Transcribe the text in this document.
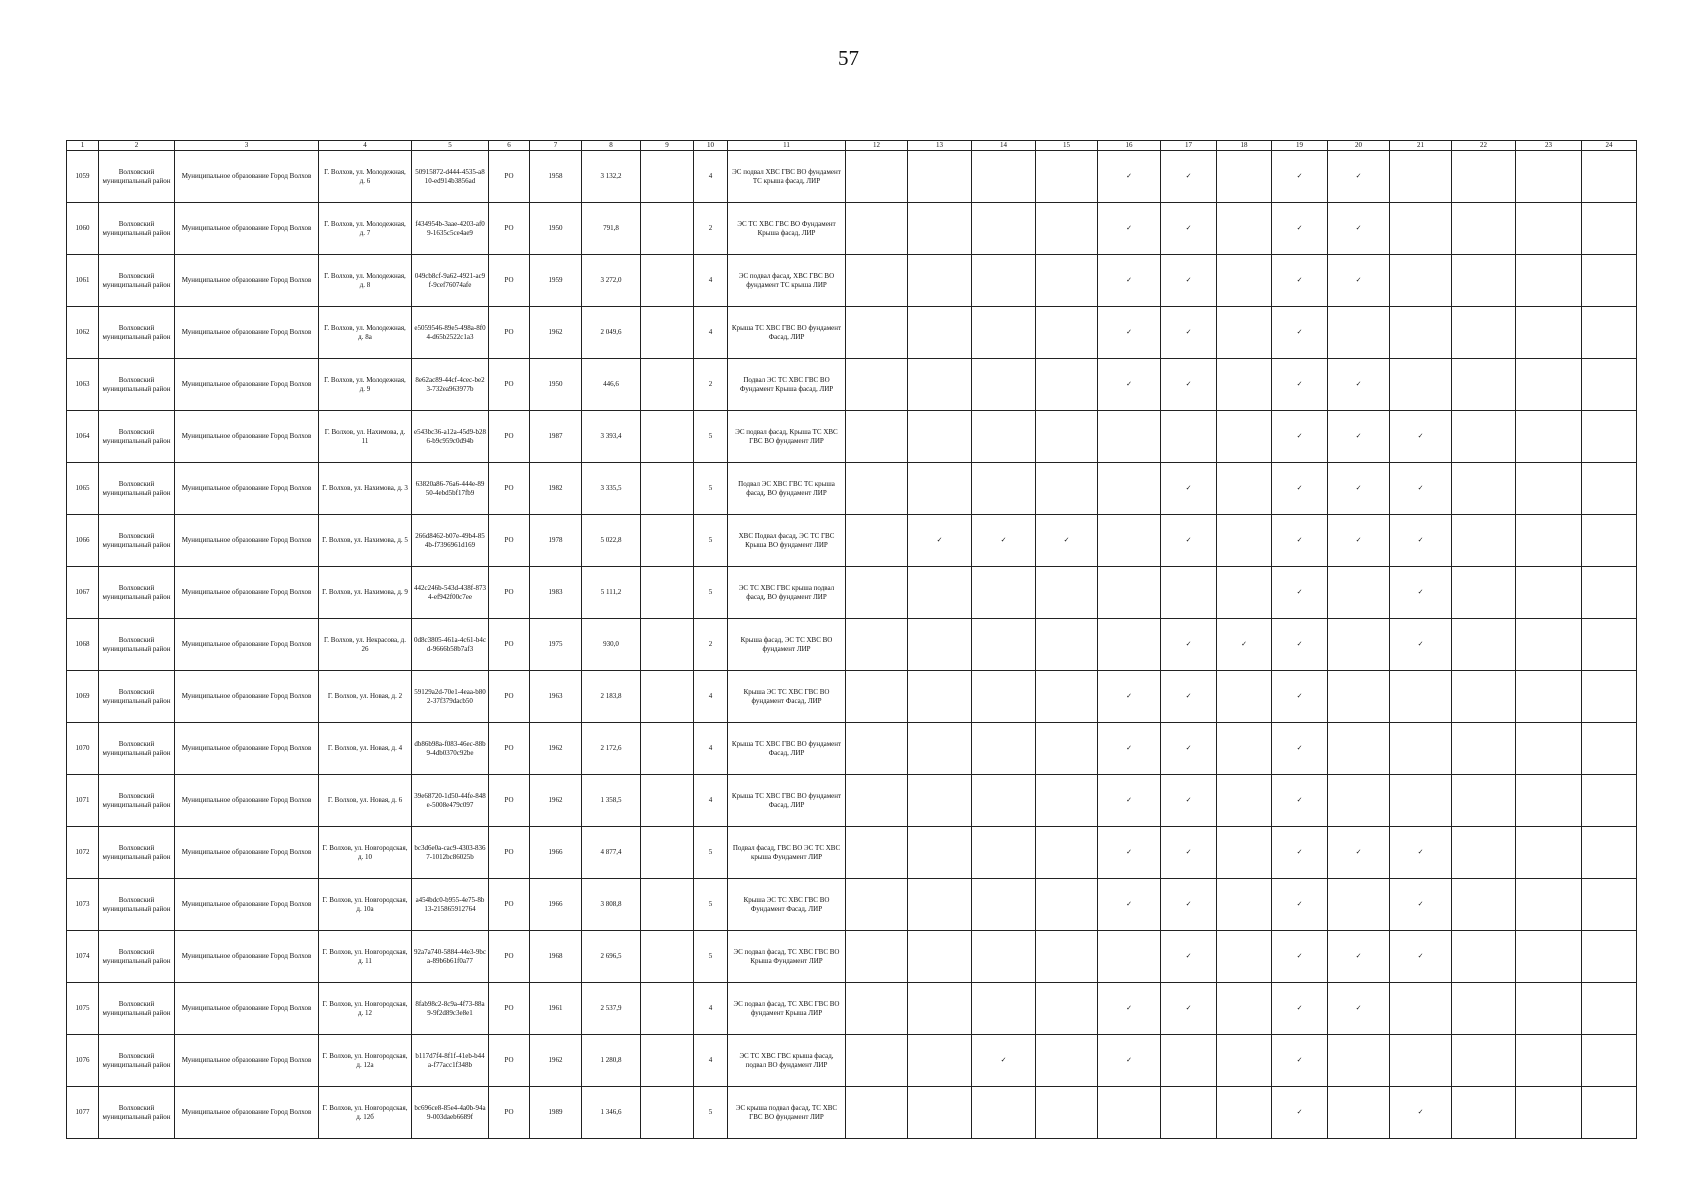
57
1	2	3	4	5	6	7	8	9	10	11	12	13	14	15	16	17	18	19	20	21	22	23	24
1059	Волховский муниципальный район	Муниципальное образование Город Волхов	Г. Волхов, ул. Молодежная, д. 6	50915872-d444-4535-a810-ed914b3856ad	РО	1958	3 132,2		4	ЭС подвал ХВС ГВС ВО фундамент ТС крыша фасад, ЛИР					✓	✓		✓	✓				
1060	Волховский муниципальный район	Муниципальное образование Город Волхов	Г. Волхов, ул. Молодежная, д. 7	f434954b-3aae-4203-af09-1635c5ce4ae9	РО	1950	791,8		2	ЭС ТС ХВС ГВС ВО Фундамент Крыша фасад, ЛИР					✓	✓		✓	✓				
1061	Волховский муниципальный район	Муниципальное образование Город Волхов	Г. Волхов, ул. Молодежная, д. 8	049cb8cf-9a62-4921-ac9f-9cef76074afe	РО	1959	3 272,0		4	ЭС подвал фасад, ХВС ГВС ВО фундамент ТС крыша ЛИР					✓	✓		✓	✓				
1062	Волховский муниципальный район	Муниципальное образование Город Волхов	Г. Волхов, ул. Молодежная, д. 8а	e5059546-89e5-498a-8f04-d65b2522c1a3	РО	1962	2 049,6		4	Крыша ТС ХВС ГВС ВО фундамент Фасад, ЛИР					✓	✓		✓					
1063	Волховский муниципальный район	Муниципальное образование Город Волхов	Г. Волхов, ул. Молодежная, д. 9	8e62ac89-44cf-4cec-be23-732ea963977b	РО	1950	446,6		2	Подвал ЭС ТС ХВС ГВС ВО Фундамент Крыша фасад, ЛИР					✓	✓		✓	✓				
1064	Волховский муниципальный район	Муниципальное образование Город Волхов	Г. Волхов, ул. Нахимова, д. 11	e543bc36-a12a-45d9-b286-b9c959c0d94b	РО	1987	3 393,4		5	ЭС подвал фасад, Крыша ТС ХВС ГВС ВО фундамент ЛИР								✓	✓	✓			
1065	Волховский муниципальный район	Муниципальное образование Город Волхов	Г. Волхов, ул. Нахимова, д. 3	63820a86-76a6-444e-8950-4ebd5bf17fb9	РО	1982	3 335,5		5	Подвал ЭС ХВС ГВС ТС крыша фасад, ВО фундамент ЛИР						✓		✓	✓	✓			
1066	Волховский муниципальный район	Муниципальное образование Город Волхов	Г. Волхов, ул. Нахимова, д. 5	266d8462-b07e-49b4-854b-f7396961d169	РО	1978	5 022,8		5	ХВС Подвал фасад, ЭС ТС ГВС Крыша ВО фундамент ЛИР		✓	✓	✓		✓		✓	✓	✓			
1067	Волховский муниципальный район	Муниципальное образование Город Волхов	Г. Волхов, ул. Нахимова, д. 9	442c246b-543d-438f-8734-ef942f00c7ee	РО	1983	5 111,2		5	ЭС ТС ХВС ГВС крыша подвал фасад, ВО фундамент ЛИР								✓		✓			
1068	Волховский муниципальный район	Муниципальное образование Город Волхов	Г. Волхов, ул. Некрасова, д. 26	0d8c3805-461a-4c61-b4cd-9666b58b7af3	РО	1975	930,0		2	Крыша фасад, ЭС ТС ХВС ВО фундамент ЛИР						✓	✓	✓		✓			
1069	Волховский муниципальный район	Муниципальное образование Город Волхов	Г. Волхов, ул. Новая, д. 2	59129a2d-70e1-4eaa-b802-37f379dacb50	РО	1963	2 183,8		4	Крыша ЭС ТС ХВС ГВС ВО фундамент Фасад, ЛИР					✓	✓		✓					
1070	Волховский муниципальный район	Муниципальное образование Город Волхов	Г. Волхов, ул. Новая, д. 4	db86b98a-f083-46ec-88b9-4db0370c92be	РО	1962	2 172,6		4	Крыша ТС ХВС ГВС ВО фундамент Фасад, ЛИР					✓	✓		✓					
1071	Волховский муниципальный район	Муниципальное образование Город Волхов	Г. Волхов, ул. Новая, д. 6	39e68720-1d50-44fe-848e-5008e479c097	РО	1962	1 358,5		4	Крыша ТС ХВС ГВС ВО фундамент Фасад, ЛИР					✓	✓		✓					
1072	Волховский муниципальный район	Муниципальное образование Город Волхов	Г. Волхов, ул. Новгородская, д. 10	bc3d6e0a-cac9-4303-8367-1012bc86025b	РО	1966	4 877,4		5	Подвал фасад, ГВС ВО ЭС ТС ХВС крыша Фундамент ЛИР					✓	✓		✓	✓	✓			
1073	Волховский муниципальный район	Муниципальное образование Город Волхов	Г. Волхов, ул. Новгородская, д. 10а	a454bdc0-b955-4e75-8b13-215865912764	РО	1966	3 808,8		5	Крыша ЭС ТС ХВС ГВС ВО Фундамент Фасад, ЛИР					✓	✓		✓		✓			
1074	Волховский муниципальный район	Муниципальное образование Город Волхов	Г. Волхов, ул. Новгородская, д. 11	92a7a740-5884-44e3-9bca-89b6b61f0a77	РО	1968	2 696,5		5	ЭС подвал фасад, ТС ХВС ГВС ВО Крыша Фундамент ЛИР						✓		✓	✓	✓			
1075	Волховский муниципальный район	Муниципальное образование Город Волхов	Г. Волхов, ул. Новгородская, д. 12	8fab98c2-8c9a-4f73-88a9-9f2d89c3e8e1	РО	1961	2 537,9		4	ЭС подвал фасад, ТС ХВС ГВС ВО фундамент Крыша ЛИР					✓	✓		✓	✓				
1076	Волховский муниципальный район	Муниципальное образование Город Волхов	Г. Волхов, ул. Новгородская, д. 12а	b117d7f4-8f1f-41eb-b44a-f77acc1f348b	РО	1962	1 280,8		4	ЭС ТС ХВС ГВС крыша фасад, подвал ВО фундамент ЛИР			✓		✓			✓					
1077	Волховский муниципальный район	Муниципальное образование Город Волхов	Г. Волхов, ул. Новгородская, д. 12б	bc696ce8-85e4-4a0b-94a9-003daeb6689f	РО	1989	1 346,6		5	ЭС крыша подвал фасад, ТС ХВС ГВС ВО фундамент ЛИР								✓		✓			
